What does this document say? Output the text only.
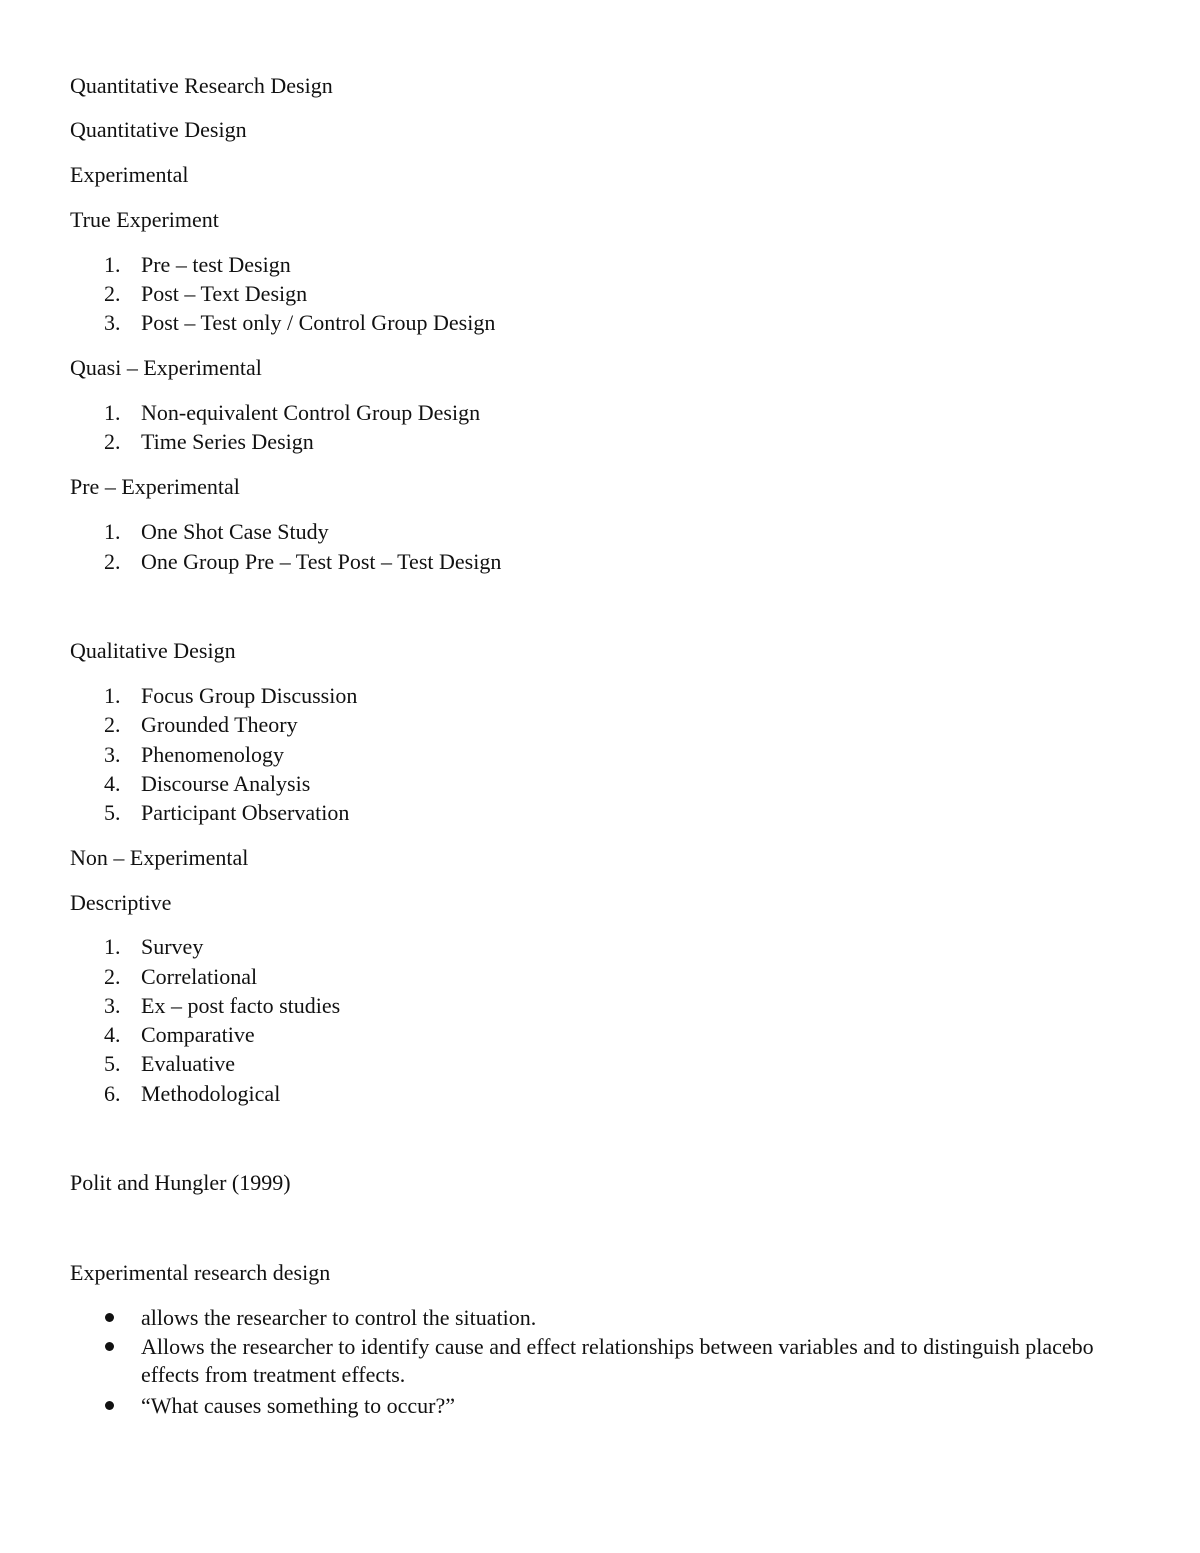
Quantitative Research Design
Quantitative Design
Experimental
True Experiment
1. Pre – test Design
2. Post – Text Design
3. Post – Test only / Control Group Design
Quasi – Experimental
1. Non-equivalent Control Group Design
2. Time Series Design
Pre – Experimental
1. One Shot Case Study
2. One Group Pre – Test Post – Test Design
Qualitative Design
1. Focus Group Discussion
2. Grounded Theory
3. Phenomenology
4. Discourse Analysis
5. Participant Observation
Non – Experimental
Descriptive
1. Survey
2. Correlational
3. Ex – post facto studies
4. Comparative
5. Evaluative
6. Methodological
Polit and Hungler (1999)
Experimental research design
allows the researcher to control the situation.
Allows the researcher to identify cause and effect relationships between variables and to distinguish placebo effects from treatment effects.
“What causes something to occur?”
